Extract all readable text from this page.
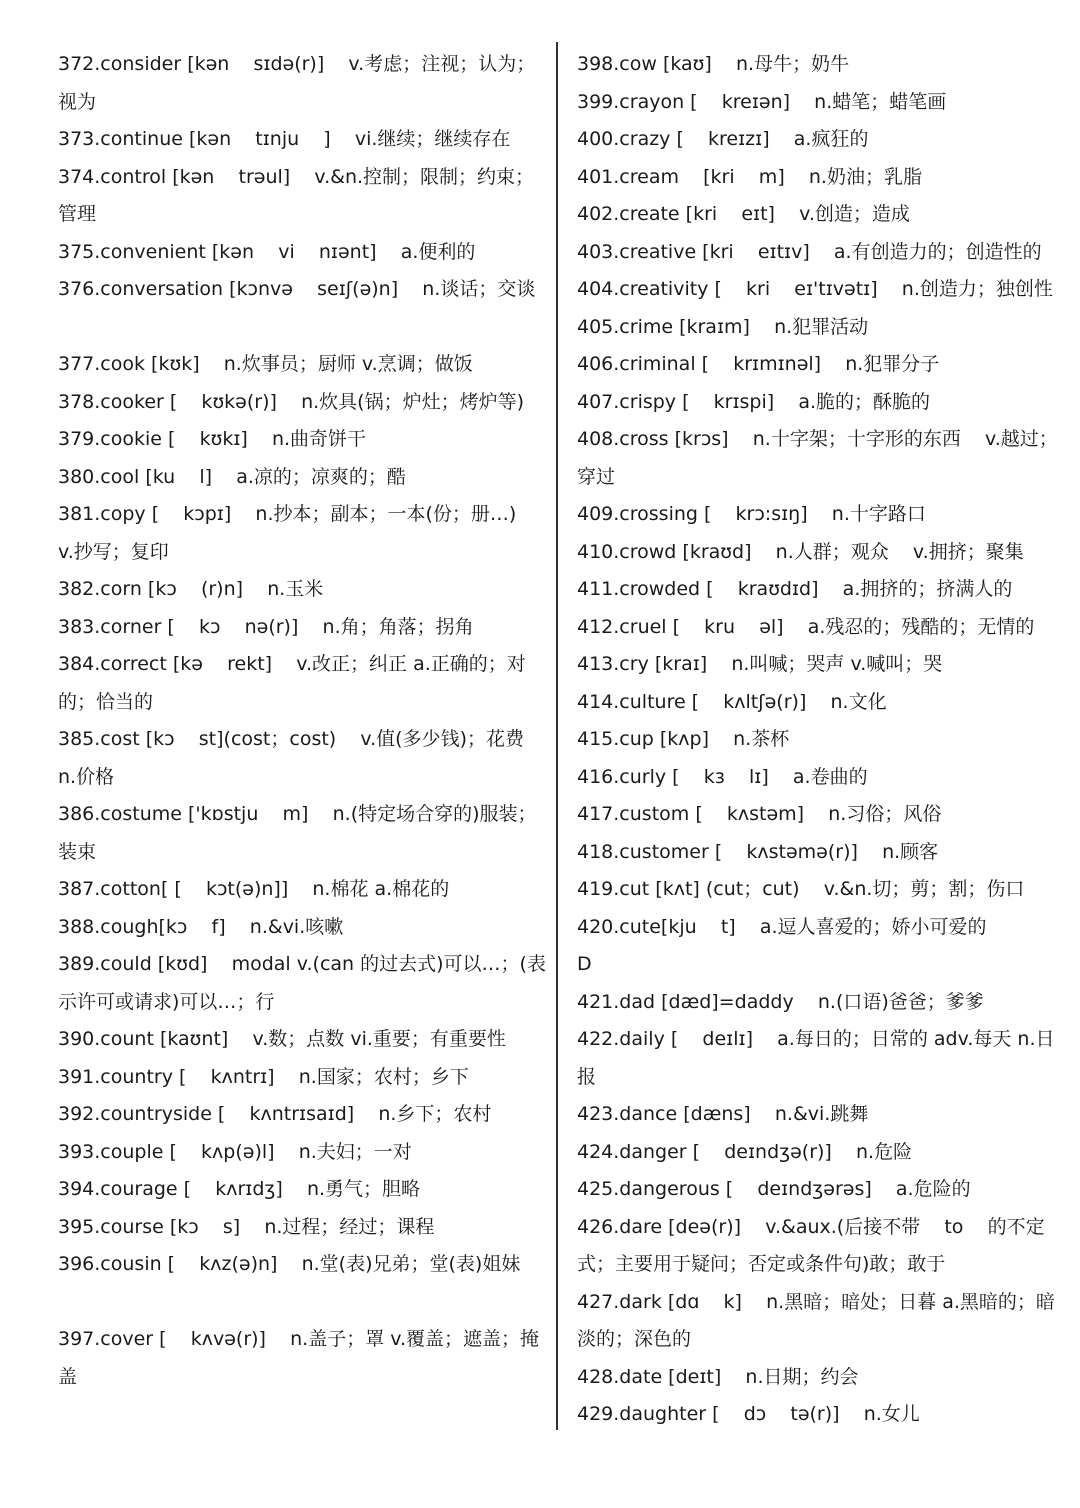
372.consider [kən    sɪdə(r)]    v.考虑；注视；认为；视为
373.continue [kən    tɪnju    ]    vi.继续；继续存在
374.control [kən    trəul]    v.&n.控制；限制；约束；管理
375.convenient [kən    vi    nɪənt]    a.便利的
376.conversation [kɔnvə    seɪʃ(ə)n]    n.谈话；交谈
377.cook [kʊk]    n.炊事员；厨师 v.烹调；做饭
378.cooker [    kʊkə(r)]    n.炊具(锅；炉灶；烤炉等)
379.cookie [    kʊkɪ]    n.曲奇饼干
380.cool [ku    l]    a.凉的；凉爽的；酷
381.copy [    kɔpɪ]    n.抄本；副本；一本(份；册…)    v.抄写；复印
382.corn [kɔ    (r)n]    n.玉米
383.corner [    kɔ    nə(r)]    n.角；角落；拐角
384.correct [kə    rekt]    v.改正；纠正 a.正确的；对的；恰当的
385.cost [kɔ    st](cost；cost)    v.值(多少钱)；花费 n.价格
386.costume ['kɒstju    m]    n.(特定场合穿的)服装；装束
387.cotton[ [    kɔt(ə)n]]    n.棉花 a.棉花的
388.cough[kɔ    f]    n.&vi.咳嗽
389.could [kʊd]    modal v.(can 的过去式)可以…；(表示许可或请求)可以…；行
390.count [kaʊnt]    v.数；点数 vi.重要；有重要性
391.country [    kʌntrɪ]    n.国家；农村；乡下
392.countryside [    kʌntrɪsaɪd]    n.乡下；农村
393.couple [    kʌp(ə)l]    n.夫妇；一对
394.courage [    kʌrɪdʒ]    n.勇气；胆略
395.course [kɔ    s]    n.过程；经过；课程
396.cousin [    kʌz(ə)n]    n.堂(表)兄弟；堂(表)姐妹
397.cover [    kʌvə(r)]    n.盖子；罩 v.覆盖；遮盖；掩盖
398.cow [kaʊ]    n.母牛；奶牛
399.crayon [    kreɪən]    n.蜡笔；蜡笔画
400.crazy [    kreɪzɪ]    a.疯狂的
401.cream    [kri    m]    n.奶油；乳脂
402.create [kri    eɪt]    v.创造；造成
403.creative [kri    eɪtɪv]    a.有创造力的；创造性的
404.creativity [    kri    eɪ'tɪvətɪ]    n.创造力；独创性
405.crime [kraɪm]    n.犯罪活动
406.criminal [    krɪmɪnəl]    n.犯罪分子
407.crispy [    krɪspi]    a.脆的；酥脆的
408.cross [krɔs]    n.十字架；十字形的东西    v.越过；穿过
409.crossing [    krɔ:sɪŋ]    n.十字路口
410.crowd [kraʊd]    n.人群；观众    v.拥挤；聚集
411.crowded [    kraʊdɪd]    a.拥挤的；挤满人的
412.cruel [    kru    əl]    a.残忍的；残酷的；无情的
413.cry [kraɪ]    n.叫喊；哭声 v.喊叫；哭
414.culture [    kʌltʃə(r)]    n.文化
415.cup [kʌp]    n.茶杯
416.curly [    kɜ    lɪ]    a.卷曲的
417.custom [    kʌstəm]    n.习俗；风俗
418.customer [    kʌstəmə(r)]    n.顾客
419.cut [kʌt] (cut；cut)    v.&n.切；剪；割；伤口
420.cute[kju    t]    a.逗人喜爱的；娇小可爱的
D
421.dad [dæd]=daddy    n.(口语)爸爸；爹爹
422.daily [    deɪlɪ]    a.每日的；日常的 adv.每天 n.日报
423.dance [dæns]    n.&vi.跳舞
424.danger [    deɪndʒə(r)]    n.危险
425.dangerous [    deɪndʒərəs]    a.危险的
426.dare [deə(r)]    v.&aux.(后接不带    to    的不定式；主要用于疑问；否定或条件句)敢；敢于
427.dark [dɑ    k]    n.黑暗；暗处；日暮 a.黑暗的；暗淡的；深色的
428.date [deɪt]    n.日期；约会
429.daughter [    dɔ    tə(r)]    n.女儿
